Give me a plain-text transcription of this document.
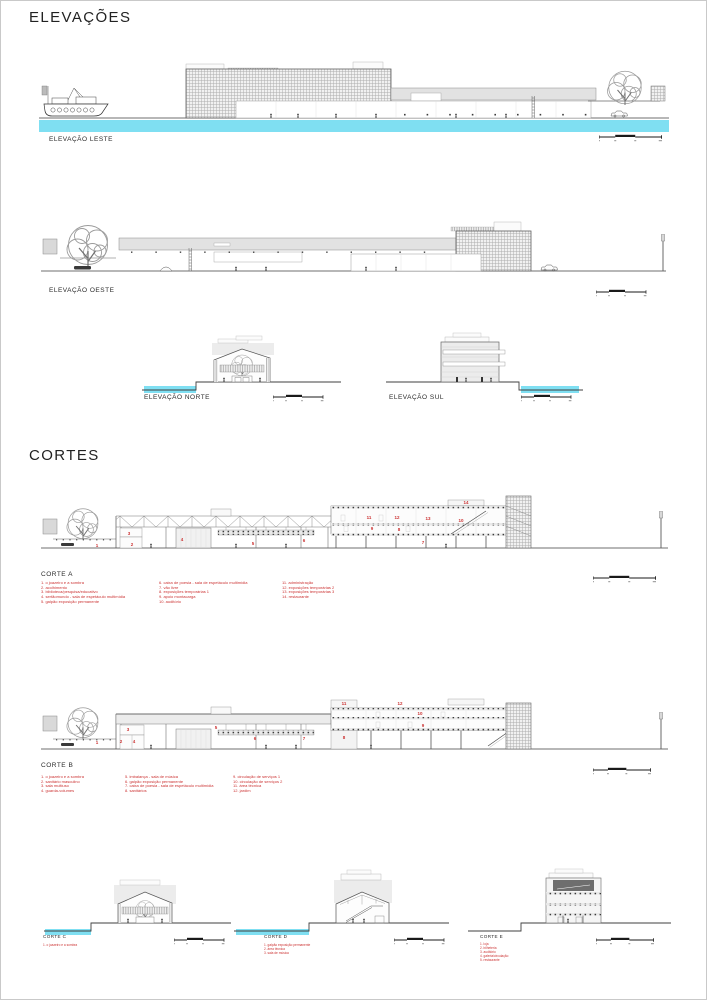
ELEVAÇÕES
ELEVAÇÃO LESTE
ELEVAÇÃO OESTE
ELEVAÇÃO NORTE	ELEVAÇÃO SUL
CORTES
1	2
3
4
5
6	7
8
9
10
11	12	13
14
CORTE A
1. o joazeiro e a sombra
2. acolhimento
3. biblioteca/pesquisa/educativo
4. sertãomundo - sala de espetáculo multimídia
5. galpão exposição permanente
6. caixa de poesia - sala de espetáculo multimídia
7. vão livre
8. exposições temporárias 1
9. apoio montacarga
10. auditório
11. administração
12. exposições temporárias 2
13. exposições temporárias 3
14. restaurante
1	2
3
4
5
6	7	8
9
10
11	12
CORTE B
1. o joazeiro e a sombra
2. sanitário masculino
3. sala multiuso
4. guarda-volumes
5. imbalança - sala de música
6. galpão exposição permanente
7. caixa de poesia - sala de espetáculo multimídia
8. sanitários
9. circulação de serviços 1
10. circulação de serviços 2
11. área técnica
12. jardim
CORTE C
1. o joazeiro e a sombra
CORTE D
1. galpão exposição permanente
2. área técnica
3. sala de música
CORTE E
1. loja
2. bilheteria
3. auditório
4. galeria/circulação
5. restaurante
